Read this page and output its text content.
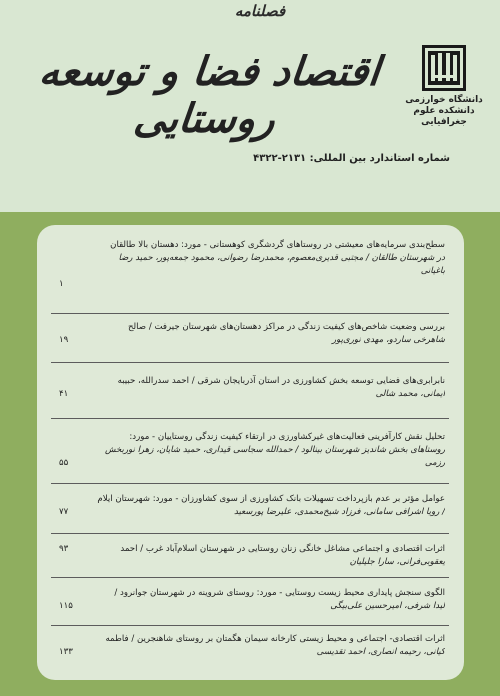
دانشگاه خوارزمی
دانشکده علوم جغرافیایی
فصلنامه
اقتصاد فضا و توسعه روستایی
شماره استاندارد بین المللی: ۲۱۳۱-۴۳۲۲
سطح‌بندی سرمایه‌های معیشتی در روستاهای گردشگری کوهستانی - مورد: دهستان بالا طالقان
در شهرستان طالقان / مجتبی قدیری‌معصوم، محمدرضا رضوانی، محمود جمعه‌پور، حمید رضا
باغیانی
۱
بررسی وضعیت شاخص‌های کیفیت زندگی در مراکز دهستان‌های شهرستان جیرفت / صالح
شاهرخی ساردو، مهدی نوری‌پور
۱۹
نابرابری‌های فضایی توسعه بخش کشاورزی در استان آذربایجان شرقی / احمد سدرالله، حبیبه
ایمانی، محمد شالی
۴۱
تحلیل نقش کارآفرینی فعالیت‌های غیرکشاورزی در ارتقاء کیفیت زندگی روستاییان - مورد:
روستاهای بخش شاندیز شهرستان بینالود / حمدالله سجاسی قیداری، حمید شایان، زهرا نوربخش
رزمی
۵۵
عوامل مؤثر بر عدم بازپرداخت تسهیلات بانک کشاورزی از سوی کشاورزان - مورد: شهرستان ایلام
/ رویا اشرافی سامانی، فرزاد شیخ‌محمدی، علیرضا پورسعید
۷۷
اثرات اقتصادی و اجتماعی مشاغل خانگی زنان روستایی در شهرستان اسلام‌آباد غرب / احمد
یعقوبی‌فرانی، سارا جلیلیان
۹۳
الگوی سنجش پایداری محیط زیست روستایی - مورد: روستای شروینه در شهرستان جوانرود /
لیدا شرفی، امیرحسین علی‌بیگی
۱۱۵
اثرات اقتصادی- اجتماعی و محیط زیستی کارخانه سیمان هگمتان بر روستای شاهنجرین / فاطمه
کیانی، رحیمه انصاری، احمد تقدیسی
۱۳۳
